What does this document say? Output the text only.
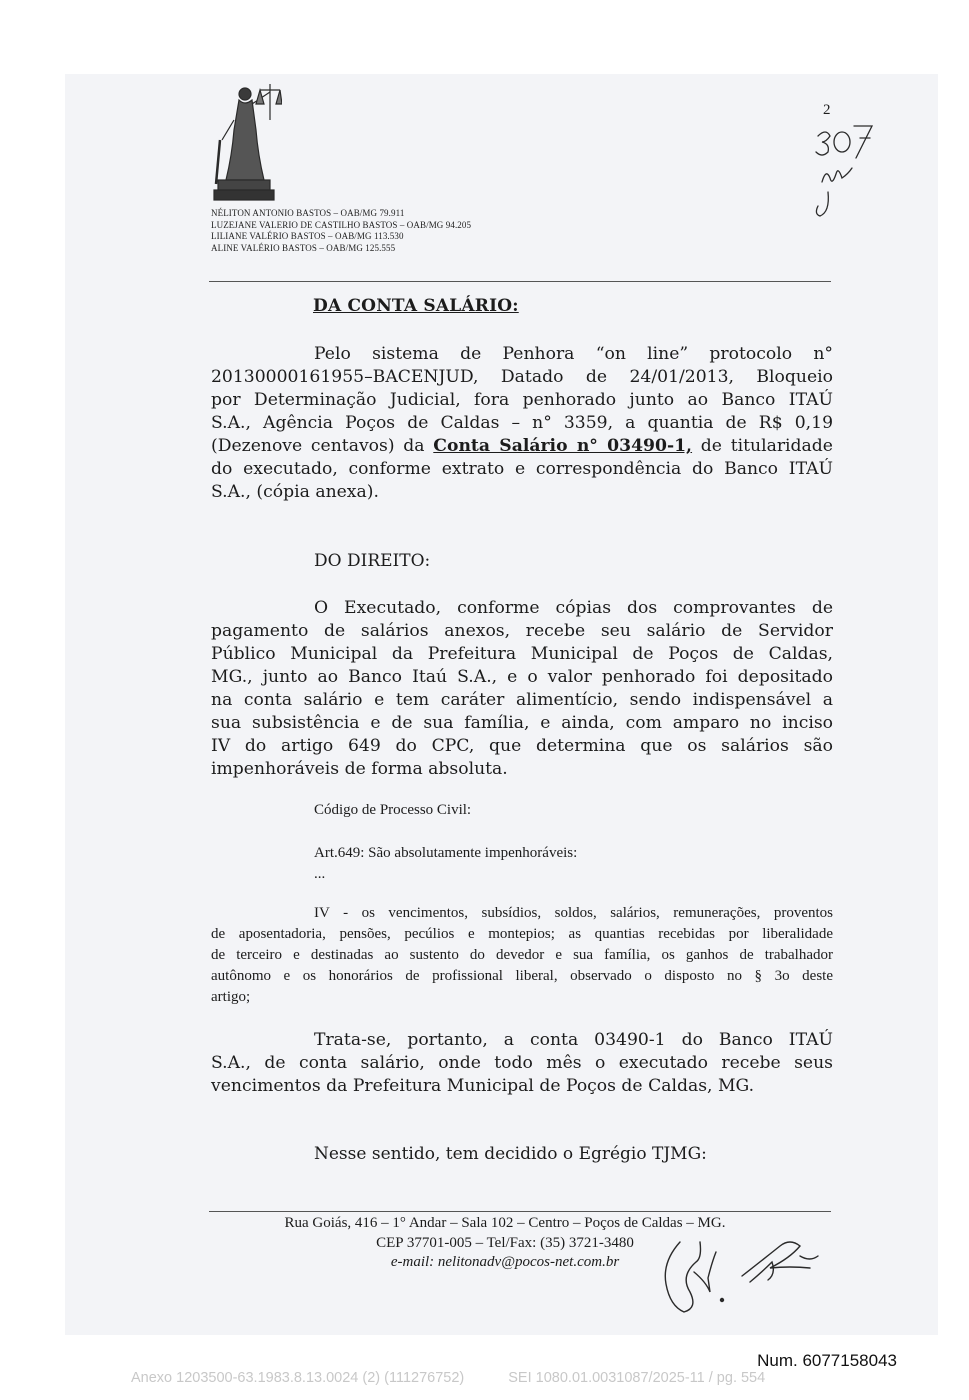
NÉLITON ANTONIO BASTOS – OAB/MG 79.911
LUZEJANE VALERIO DE CASTILHO BASTOS – OAB/MG 94.205
LILIANE VALÉRIO BASTOS – OAB/MG 113.530
ALINE VALÉRIO BASTOS – OAB/MG 125.555
2
DA CONTA SALÁRIO:
Pelo sistema de Penhora “on line” protocolo n°
20130000161955–BACENJUD, Datado de 24/01/2013, Bloqueio
por Determinação Judicial, fora penhorado junto ao Banco ITAÚ
S.A., Agência Poços de Caldas – n° 3359, a quantia de R$ 0,19
(Dezenove centavos) da Conta Salário n° 03490-1, de titularidade
do executado, conforme extrato e correspondência do Banco ITAÚ
S.A., (cópia anexa).
DO DIREITO:
O Executado, conforme cópias dos comprovantes de
pagamento de salários anexos, recebe seu salário de Servidor
Público Municipal da Prefeitura Municipal de Poços de Caldas,
MG., junto ao Banco Itaú S.A., e o valor penhorado foi depositado
na conta salário e tem caráter alimentício, sendo indispensável a
sua subsistência e de sua família, e ainda, com amparo no inciso
IV do artigo 649 do CPC, que determina que os salários são
impenhoráveis de forma absoluta.
Código de Processo Civil:
Art.649: São absolutamente impenhoráveis:
...
IV - os vencimentos, subsídios, soldos, salários, remunerações, proventos
de aposentadoria, pensões, pecúlios e montepios; as quantias recebidas por liberalidade
de terceiro e destinadas ao sustento do devedor e sua família, os ganhos de trabalhador
autônomo e os honorários de profissional liberal, observado o disposto no § 3o deste
artigo;
Trata-se, portanto, a conta 03490-1 do Banco ITAÚ
S.A., de conta salário, onde todo mês o executado recebe seus
vencimentos da Prefeitura Municipal de Poços de Caldas, MG.
Nesse sentido, tem decidido o Egrégio TJMG:
Rua Goiás, 416 – 1° Andar – Sala 102 – Centro – Poços de Caldas – MG.
CEP 37701-005 – Tel/Fax: (35) 3721-3480
e-mail: nelitonadv@pocos-net.com.br
Num. 6077158043
Anexo 1203500-63.1983.8.13.0024 (2) (111276752)	SEI 1080.01.0031087/2025-11 / pg. 554
